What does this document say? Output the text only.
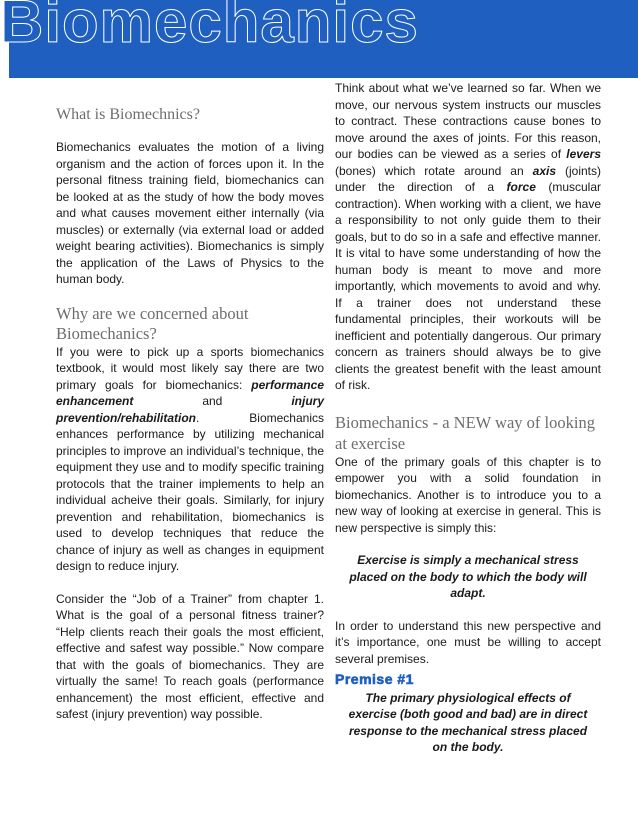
Biomechanics

What is Biomechnics?

Biomechanics evaluates the motion of a living organism and the action of forces upon it. In the personal fitness training field, biomechanics can be looked at as the study of how the body moves and what causes movement either internally (via muscles) or externally (via external load or added weight bearing activities). Biomechanics is simply the application of the Laws of Physics to the human body.

Why are we concerned about Biomechanics?

If you were to pick up a sports biomechanics textbook, it would most likely say there are two primary goals for biomechanics: performance enhancement	and	injury prevention/rehabilitation. Biomechanics enhances performance by utilizing mechanical principles to improve an individual’s technique, the equipment they use and to modify specific training protocols that the trainer implements to help an individual acheive their goals. Similarly, for injury prevention and rehabilitation, biomechanics is used to develop techniques that reduce the chance of injury as well as changes in equipment design to reduce injury.

Consider the “Job of a Trainer” from chapter 1. What is the goal of a personal fitness trainer? “Help clients reach their goals the most efficient, effective and safest way possible.” Now compare that with the goals of biomechanics. They are virtually the same! To reach goals (performance enhancement) the most efficient, effective and safest (injury prevention) way possible.

Think about what we’ve learned so far. When we move, our nervous system instructs our muscles to contract. These contractions cause bones to move around the axes of joints. For this reason, our bodies can be viewed as a series of levers (bones) which rotate around an axis (joints) under the direction of a force (muscular contraction). When working with a client, we have a responsibility to not only guide them to their goals, but to do so in a safe and effective manner. It is vital to have some understanding of how the human body is meant to move and more importantly, which movements to avoid and why. If a trainer does not understand these fundamental principles, their workouts will be inefficient and potentially dangerous. Our primary concern as trainers should always be to give clients the greatest benefit with the least amount of risk.

Biomechanics - a NEW way of looking at exercise

One of the primary goals of this chapter is to empower you with a solid foundation in biomechanics. Another is to introduce you to a new way of looking at exercise in general. This is new perspective is simply this:

Exercise is simply a mechanical stress placed on the body to which the body will adapt.

In order to understand this new perspective and it’s importance, one must be willing to accept several premises.

Premise #1

The primary physiological effects of exercise (both good and bad) are in direct response to the mechanical stress placed on the body.
